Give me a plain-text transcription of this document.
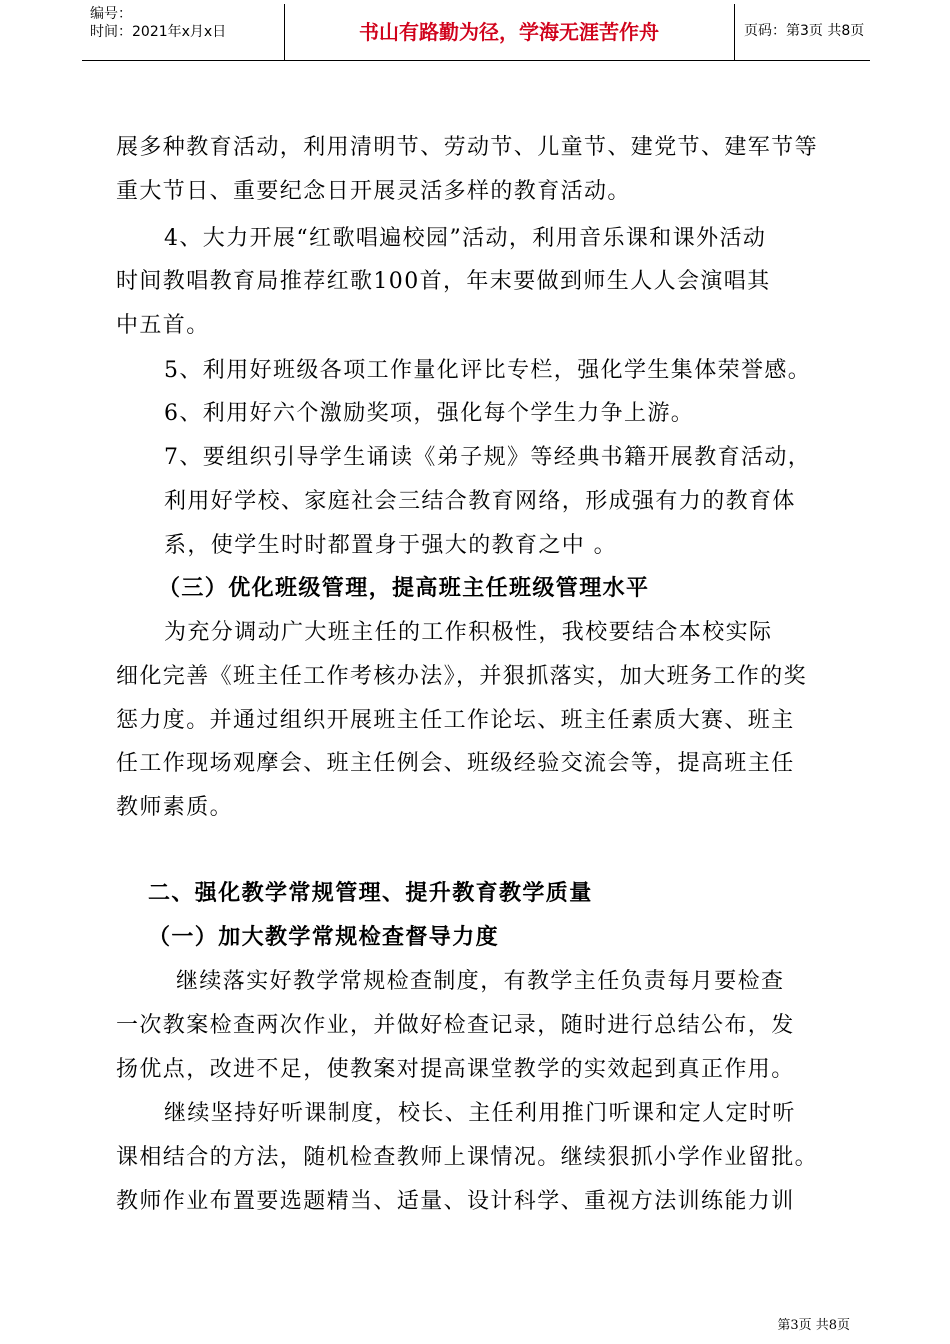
编号：
时间：2021年x月x日	书山有路勤为径，学海无涯苦作舟	页码：第3页 共8页
展多种教育活动，利用清明节、劳动节、儿童节、建党节、建军节等
重大节日、重要纪念日开展灵活多样的教育活动。
4、大力开展“红歌唱遍校园”活动，利用音乐课和课外活动
时间教唱教育局推荐红歌100首，年末要做到师生人人会演唱其
中五首。
5、利用好班级各项工作量化评比专栏，强化学生集体荣誉感。
6、利用好六个激励奖项，强化每个学生力争上游。
7、要组织引导学生诵读《弟子规》等经典书籍开展教育活动，
利用好学校、家庭社会三结合教育网络，形成强有力的教育体
系，使学生时时都置身于强大的教育之中 。
（三）优化班级管理，提高班主任班级管理水平
为充分调动广大班主任的工作积极性，我校要结合本校实际
细化完善《班主任工作考核办法》，并狠抓落实，加大班务工作的奖
惩力度。并通过组织开展班主任工作论坛、班主任素质大赛、班主
任工作现场观摩会、班主任例会、班级经验交流会等，提高班主任
教师素质。
二、强化教学常规管理、提升教育教学质量
（一）加大教学常规检查督导力度
继续落实好教学常规检查制度，有教学主任负责每月要检查
一次教案检查两次作业，并做好检查记录，随时进行总结公布，发
扬优点，改进不足，使教案对提高课堂教学的实效起到真正作用。
继续坚持好听课制度，校长、主任利用推门听课和定人定时听
课相结合的方法，随机检查教师上课情况。继续狠抓小学作业留批。
教师作业布置要选题精当、适量、设计科学、重视方法训练能力训
第3页 共8页
